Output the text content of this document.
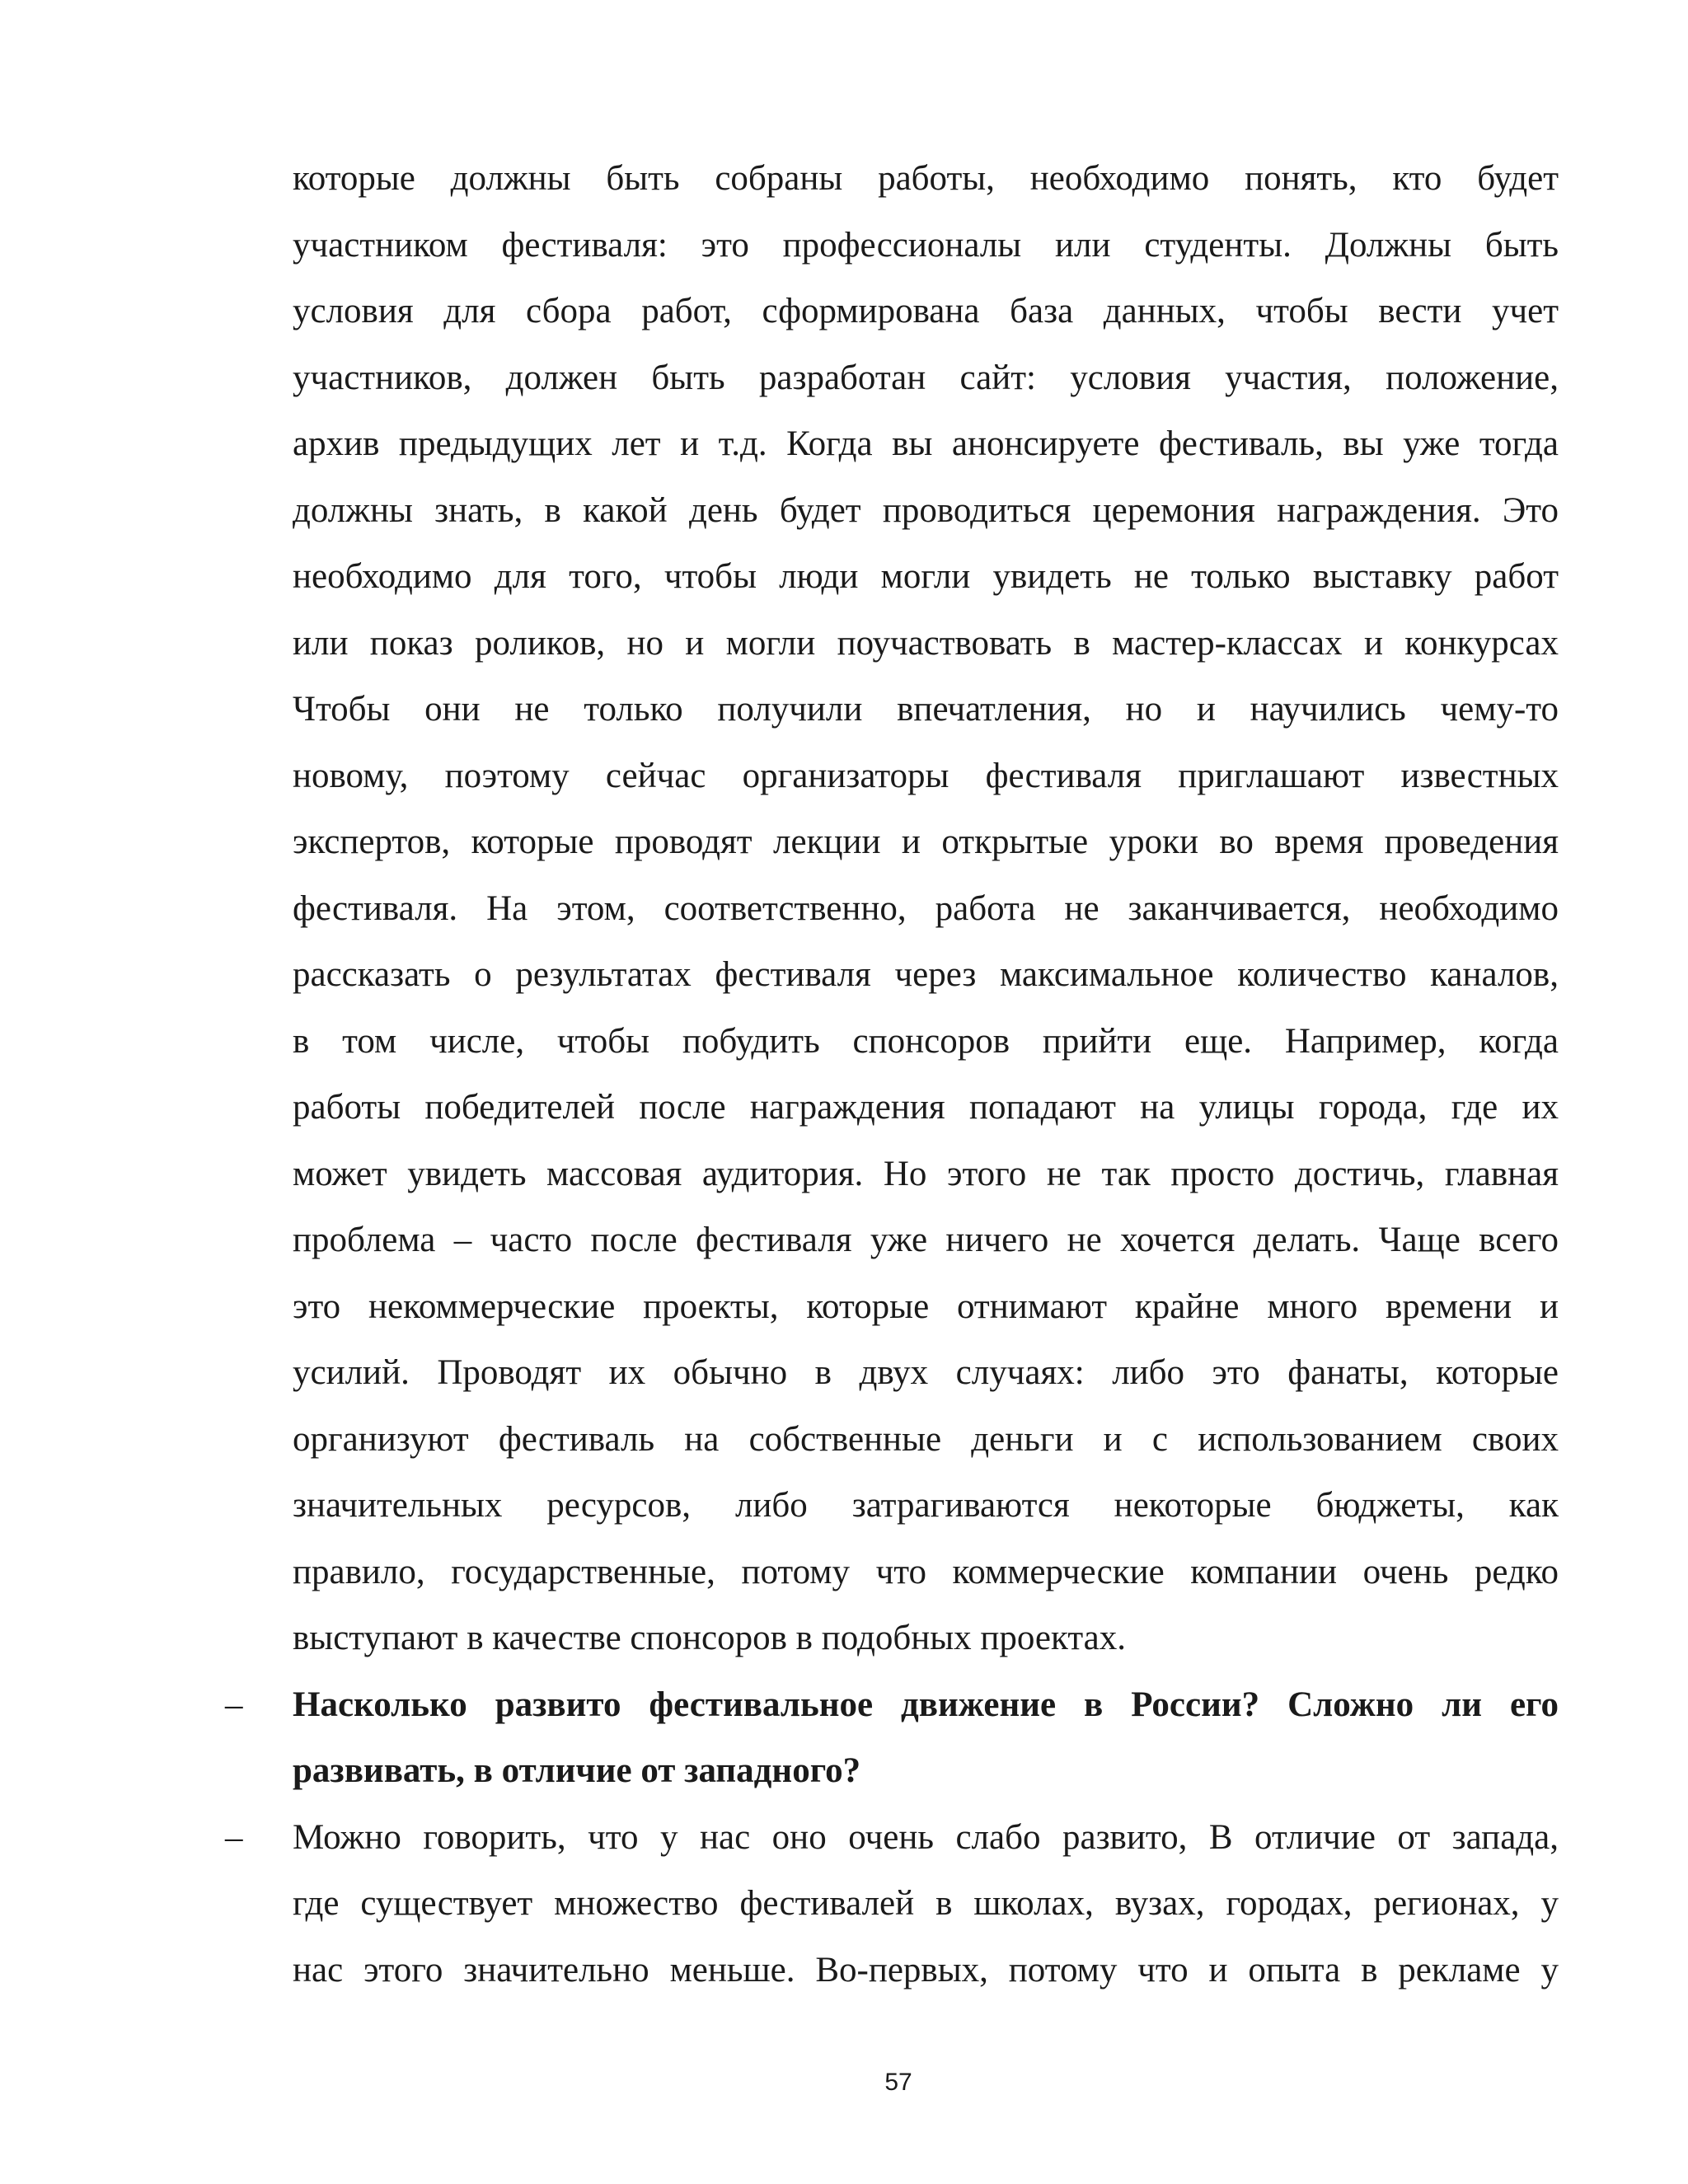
которые должны быть собраны работы, необходимо понять, кто будет
участником фестиваля: это профессионалы или студенты. Должны быть
условия для сбора работ, сформирована база данных, чтобы вести учет
участников, должен быть разработан сайт: условия участия, положение,
архив предыдущих лет и т.д. Когда вы анонсируете фестиваль, вы уже тогда
должны знать, в какой день будет проводиться церемония награждения. Это
необходимо для того, чтобы люди могли увидеть не только выставку работ
или показ роликов, но и могли поучаствовать в мастер-классах и конкурсах
Чтобы они не только получили впечатления, но и научились чему-то
новому, поэтому сейчас организаторы фестиваля приглашают известных
экспертов, которые проводят лекции и открытые уроки во время проведения
фестиваля. На этом, соответственно, работа не заканчивается, необходимо
рассказать о результатах фестиваля через максимальное количество каналов,
в том числе, чтобы побудить спонсоров прийти еще. Например, когда
работы победителей после награждения попадают на улицы города, где их
может увидеть массовая аудитория. Но этого не так просто достичь, главная
проблема – часто после фестиваля уже ничего не хочется делать. Чаще всего
это некоммерческие проекты, которые отнимают крайне много времени и
усилий. Проводят их обычно в двух случаях: либо это фанаты, которые
организуют фестиваль на собственные деньги и с использованием своих
значительных ресурсов, либо затрагиваются некоторые бюджеты, как
правило, государственные, потому что коммерческие компании очень редко
выступают в качестве спонсоров в подобных проектах.
– Насколько развито фестивальное движение в России? Сложно ли его
развивать, в отличие от западного?
– Можно говорить, что у нас оно очень слабо развито, В отличие от запада,
где существует множество фестивалей в школах, вузах, городах, регионах, у
нас этого значительно меньше. Во-первых, потому что и опыта в рекламе у
57
